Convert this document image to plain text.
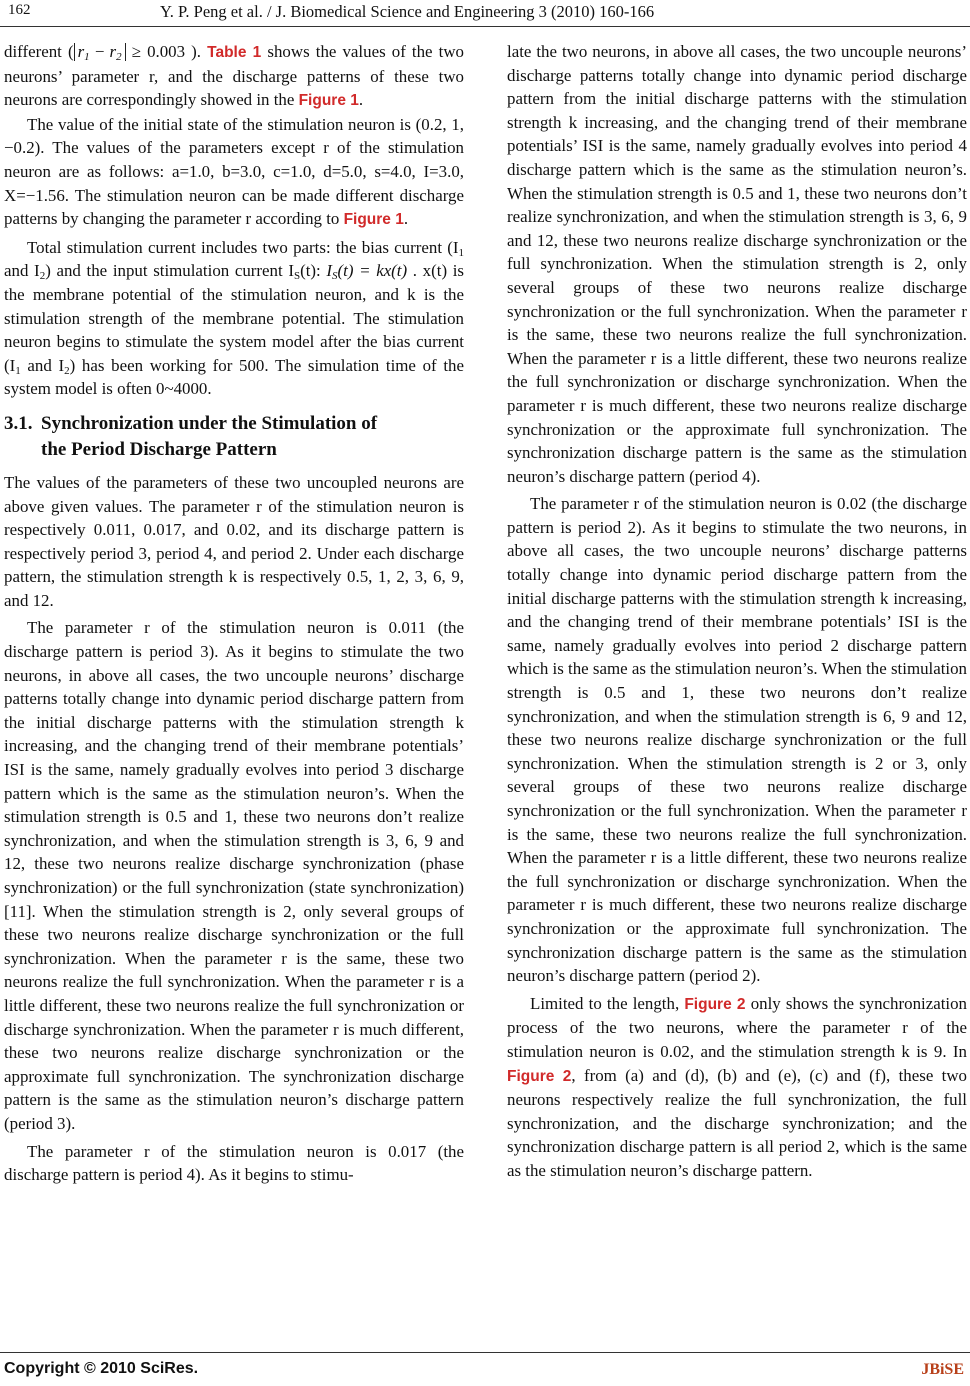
162	Y. P. Peng et al. / J. Biomedical Science and Engineering 3 (2010) 160-166

different ( $r_1 - r_2 \ge 0.003$ ). Table 1 shows the values of the two neurons’ parameter r, and the discharge patterns of these two neurons are correspondingly showed in the Figure 1.

The value of the initial state of the stimulation neuron is (0.2, 1, −0.2). The values of the parameters except r of the stimulation neuron are as follows: a=1.0, b=3.0, c=1.0, d=5.0, s=4.0, I=3.0, X=−1.56. The stimulation neuron can be made different discharge patterns by changing the parameter r according to Figure 1.

Total stimulation current includes two parts: the bias current ($I_1$ and $I_2$) and the input stimulation current $I_S(t)$: $I_S(t) = kx(t)$ . x(t) is the membrane potential of the stimulation neuron, and k is the stimulation strength of the membrane potential. The stimulation neuron begins to stimulate the system model after the bias current ($I_1$ and $I_2$) has been working for 500. The simulation time of the system model is often 0~4000.

3.1. Synchronization under the Stimulation of
the Period Discharge Pattern

The values of the parameters of these two uncoupled neurons are above given values. The parameter r of the stimulation neuron is respectively 0.011, 0.017, and 0.02, and its discharge pattern is respectively period 3, period 4, and period 2. Under each discharge pattern, the stimulation strength k is respectively 0.5, 1, 2, 3, 6, 9, and 12.

The parameter r of the stimulation neuron is 0.011 (the discharge pattern is period 3). As it begins to stimulate the two neurons, in above all cases, the two uncouple neurons’ discharge patterns totally change into dynamic period discharge pattern from the initial discharge patterns with the stimulation strength k increasing, and the changing trend of their membrane potentials’ ISI is the same, namely gradually evolves into period 3 discharge pattern which is the same as the stimulation neuron’s. When the stimulation strength is 0.5 and 1, these two neurons don’t realize synchronization, and when the stimulation strength is 3, 6, 9 and 12, these two neurons realize discharge synchronization (phase synchronization) or the full synchronization (state synchronization) [11]. When the stimulation strength is 2, only several groups of these two neurons realize discharge synchronization or the full synchronization. When the parameter r is the same, these two neurons realize the full synchronization. When the parameter r is a little different, these two neurons realize the full synchronization or discharge synchronization. When the parameter r is much different, these two neurons realize discharge synchronization or the approximate full synchronization. The synchronization discharge pattern is the same as the stimulation neuron’s discharge pattern (period 3).

The parameter r of the stimulation neuron is 0.017 (the discharge pattern is period 4). As it begins to stimu-

late the two neurons, in above all cases, the two uncouple neurons’ discharge patterns totally change into dynamic period discharge pattern from the initial discharge patterns with the stimulation strength k increasing, and the changing trend of their membrane potentials’ ISI is the same, namely gradually evolves into period 4 discharge pattern which is the same as the stimulation neuron’s. When the stimulation strength is 0.5 and 1, these two neurons don’t realize synchronization, and when the stimulation strength is 3, 6, 9 and 12, these two neurons realize discharge synchronization or the full synchronization. When the stimulation strength is 2, only several groups of these two neurons realize discharge synchronization or the full synchronization. When the parameter r is the same, these two neurons realize the full synchronization. When the parameter r is a little different, these two neurons realize the full synchronization or discharge synchronization. When the parameter r is much different, these two neurons realize discharge synchronization or the approximate full synchronization. The synchronization discharge pattern is the same as the stimulation neuron’s discharge pattern (period 4).

The parameter r of the stimulation neuron is 0.02 (the discharge pattern is period 2). As it begins to stimulate the two neurons, in above all cases, the two uncouple neurons’ discharge patterns totally change into dynamic period discharge pattern from the initial discharge patterns with the stimulation strength k increasing, and the changing trend of their membrane potentials’ ISI is the same, namely gradually evolves into period 2 discharge pattern which is the same as the stimulation neuron’s. When the stimulation strength is 0.5 and 1, these two neurons don’t realize synchronization, and when the stimulation strength is 6, 9 and 12, these two neurons realize discharge synchronization or the full synchronization. When the stimulation strength is 2 or 3, only several groups of these two neurons realize discharge synchronization or the full synchronization. When the parameter r is the same, these two neurons realize the full synchronization. When the parameter r is a little different, these two neurons realize the full synchronization or discharge synchronization. When the parameter r is much different, these two neurons realize discharge synchronization or the approximate full synchronization. The synchronization discharge pattern is the same as the stimulation neuron’s discharge pattern (period 2).

Limited to the length, Figure 2 only shows the synchronization process of the two neurons, where the parameter r of the stimulation neuron is 0.02, and the stimulation strength k is 9. In Figure 2, from (a) and (d), (b) and (e), (c) and (f), these two neurons respectively realize the full synchronization, the full synchronization, and the discharge synchronization; and the synchronization discharge pattern is all period 2, which is the same as the stimulation neuron’s discharge pattern.

Copyright © 2010 SciRes.	JBiSE
